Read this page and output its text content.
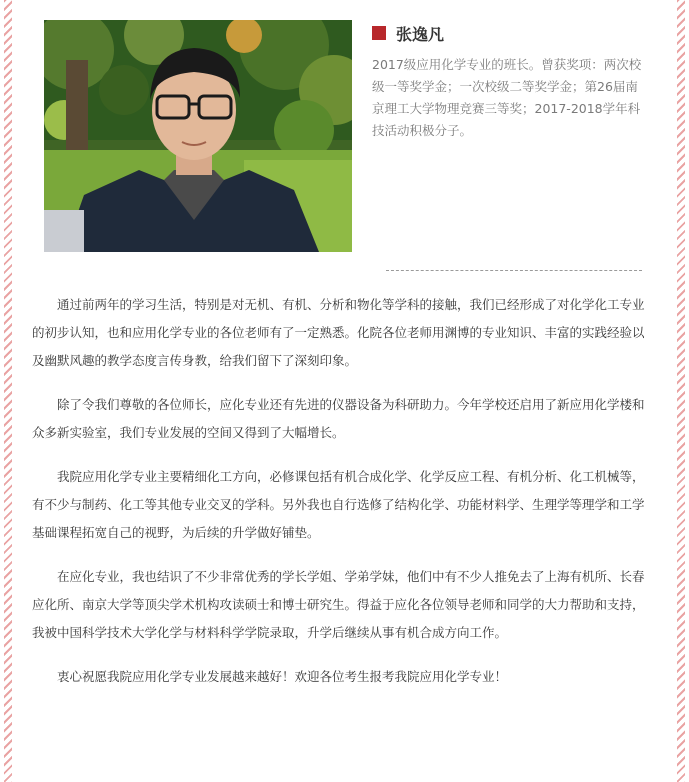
张逸凡
2017级应用化学专业的班长。曾获奖项：两次校级一等奖学金；一次校级二等奖学金；第26届南京理工大学物理竞赛三等奖；2017-2018学年科技活动积极分子。

通过前两年的学习生活，特别是对无机、有机、分析和物化等学科的接触，我们已经形成了对化学化工专业的初步认知，也和应用化学专业的各位老师有了一定熟悉。化院各位老师用渊博的专业知识、丰富的实践经验以及幽默风趣的教学态度言传身教，给我们留下了深刻印象。

除了令我们尊敬的各位师长，应化专业还有先进的仪器设备为科研助力。今年学校还启用了新应用化学楼和众多新实验室，我们专业发展的空间又得到了大幅增长。

我院应用化学专业主要精细化工方向，必修课包括有机合成化学、化学反应工程、有机分析、化工机械等，有不少与制药、化工等其他专业交叉的学科。另外我也自行选修了结构化学、功能材料学、生理学等理学和工学基础课程拓宽自己的视野，为后续的升学做好铺垫。

在应化专业，我也结识了不少非常优秀的学长学姐、学弟学妹，他们中有不少人推免去了上海有机所、长春应化所、南京大学等顶尖学术机构攻读硕士和博士研究生。得益于应化各位领导老师和同学的大力帮助和支持，我被中国科学技术大学化学与材料科学学院录取，升学后继续从事有机合成方向工作。

衷心祝愿我院应用化学专业发展越来越好！欢迎各位考生报考我院应用化学专业！
